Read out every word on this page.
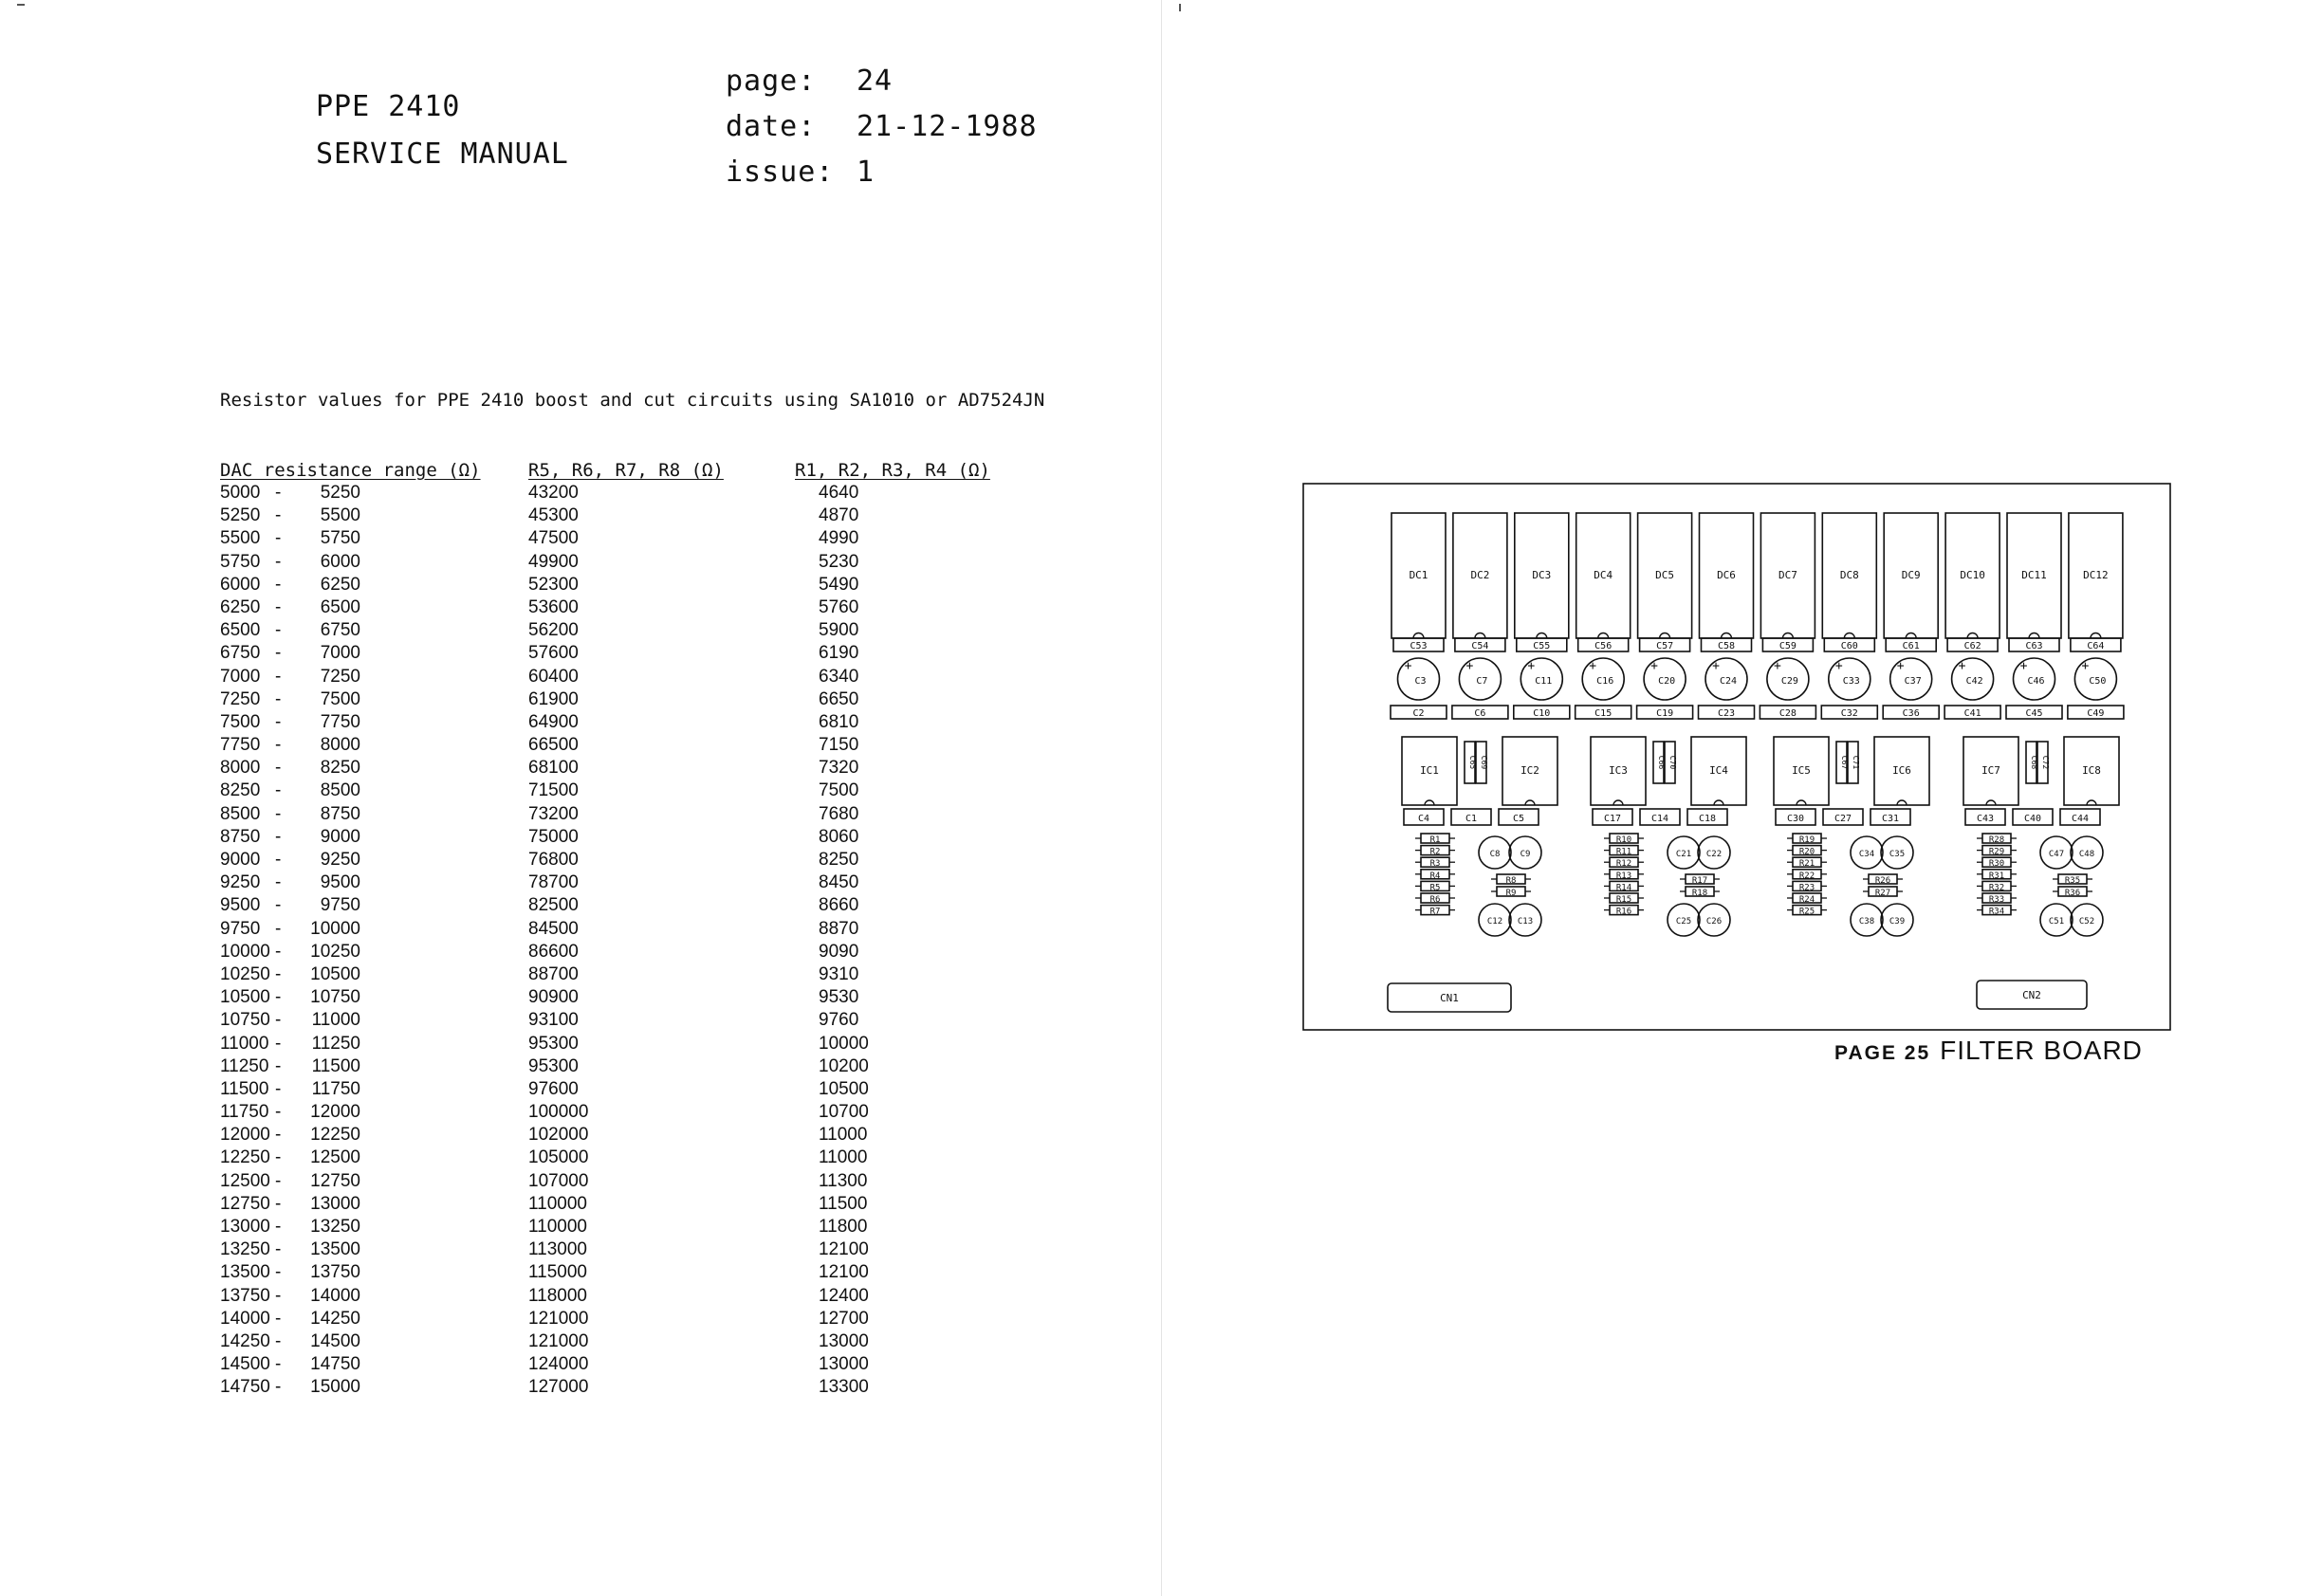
PPE 2410
SERVICE MANUAL
page:	24
date:	21-12-1988
issue: 1
Resistor values for PPE 2410 boost and cut circuits using SA1010 or AD7524JN
DAC resistance range (Ω)	R5, R6, R7, R8 (Ω)	R1, R2, R3, R4 (Ω)
5000 -	5250	43200	4640
5250 -	5500	45300	4870
5500 -	5750	47500	4990
5750 -	6000	49900	5230
6000 -	6250	52300	5490
6250 -	6500	53600	5760
6500 -	6750	56200	5900
6750 -	7000	57600	6190
7000 -	7250	60400	6340
7250 -	7500	61900	6650
7500 -	7750	64900	6810
7750 -	8000	66500	7150
8000 -	8250	68100	7320
8250 -	8500	71500	7500
8500 -	8750	73200	7680
8750 -	9000	75000	8060
9000 -	9250	76800	8250
9250 -	9500	78700	8450
9500 -	9750	82500	8660
9750 -	10000	84500	8870
10000 -	10250	86600	9090
10250 -	10500	88700	9310
10500 -	10750	90900	9530
10750 -	11000	93100	9760
11000 -	11250	95300	10000
11250 -	11500	95300	10200
11500 -	11750	97600	10500
11750 -	12000	100000	10700
12000 -	12250	102000	11000
12250 -	12500	105000	11000
12500 -	12750	107000	11300
12750 -	13000	110000	11500
13000 -	13250	110000	11800
13250 -	13500	113000	12100
13500 -	13750	115000	12100
13750 -	14000	118000	12400
14000 -	14250	121000	12700
14250 -	14500	121000	13000
14500 -	14750	124000	13000
14750 -	15000	127000	13300
DC1
C53
+
C3
C2
DC2
C54
+
C7
C6
DC3
C55
+
C11
C10
DC4
C56
+
C16
C15
DC5
C57
+
C20
C19
DC6
C58
+
C24
C23
DC7
C59
+
C29
C28
DC8
C60
+
C33
C32
DC9
C61
+
C37
C36
DC10
C62
+
C42
C41
DC11
C63
+
C46
C45
DC12
C64
+
C50
C49
IC1
C65 C69
IC2
C4	C1	C5
R1
R2
R3
R4
R5
R6
R7
C8 C9
R8
R9
C12 C13
IC3
C66 C70
IC4
C17	C14	C18
R10
R11
R12
R13
R14
R15
R16
C21 C22
R17
R18
C25 C26
IC5
C67 C71
IC6
C30	C27	C31
R19
R20
R21
R22
R23
R24
R25
C34 C35
R26
R27
C38 C39
IC7
C68 C72
IC8
C43	C40	C44
R28
R29
R30
R31
R32
R33
R34
C47 C48
R35
R36
C51 C52
CN1	CN2
PAGE 25 FILTER BOARD
